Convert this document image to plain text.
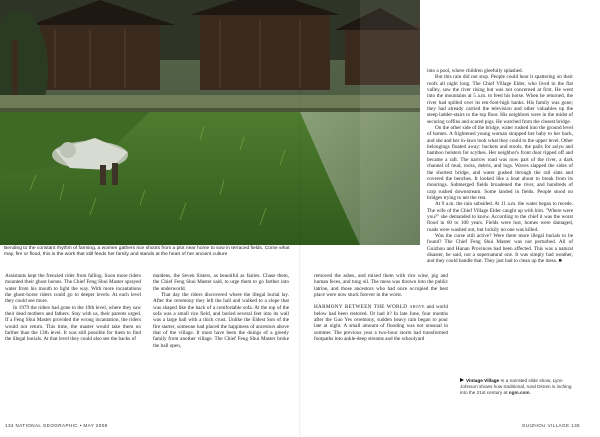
Bending to the constant rhythm of farming, a women gathers rice shoots from a plot near home to sow in terraced fields. Come what may, fire or flood, this is the work that still feeds her family and stands at the heart of her ancient culture

Assistants kept the frenzied rider from falling. Soon more riders mounted their ghost horses. The Chief Feng Shui Master sprayed water from his mouth to light the way. With more incantations the ghost-horse riders could go to deeper levels. At each level they could see more.

In 1979 the riders had gone to the 19th level, where they saw their dead mothers and fathers. Stay with us, their parents urged. If a Feng Shui Master provided the wrong incantation, the riders would not return. This time, the master would take them no farther than the 13th level. It was still possible for them to find the illegal burials. At that level they could also see the backs of

maidens, the Seven Sisters, as beautiful as fairies. Chase them, the Chief Feng Shui Master said, to urge them to go farther into the underworld.

That day the riders discovered where the illegal burial lay. After the ceremony they left the hall and walked to a slope that was shaped like the back of a comfortable sofa. At the top of the sofa was a small rice field, and buried several feet into its wall was a large ball with a thick crust. Unlike the Eldest Son of the fire starter, someone had placed the happiness of ancestors above that of the village. It must have been the doings of a greedy family from another village. The Chief Feng Shui Master broke the ball open,

removed the ashes, and mixed them with rice wine, pig and human feces, and tung oil. The mess was thrown into the public latrine, and those ancestors who had once occupied the best place were now stuck forever in the worst.

HARMONY BETWEEN THE WORLD above and world below had been restored. Or had it? In late June, four months after the Guo Yes ceremony, sudden heavy rain began to pour late at night. A small amount of flooding was not unusual in summer. The previous year a two-hour storm had transformed footpaths into ankle-deep streams and the schoolyard

into a pool, where children gleefully splashed.

But this rain did not stop. People could hear it spattering on their roofs all night long. The Chief Village Elder, who lived in the flat valley, saw the river rising but was not concerned at first. He went into the mountains at 5 a.m. to feed his horse. When he returned, the river had spilled over its ten-foot-high banks. His family was gone; they had already carried the television and other valuables up the steep ladder-stairs to the top floor. His neighbors were in the midst of securing coffins and scared pigs. He watched from the closest bridge.

On the other side of the bridge, water rushed into the ground level of homes. A frightened young woman strapped her baby to her back, and she and her in-laws took what they could to the upper level. Other belongings floated away: buckets and stools, the pails for aziyu and bamboo holsters for scythes. Her neighbor's front door ripped off and became a raft. The narrow road was now part of the river, a dark channel of mud, rocks, debris, and logs. Waves slapped the sides of the shortest bridge, and water gushed through the rail slats and covered the benches. It looked like a boat about to break from its moorings. Submerged fields broadened the river, and hundreds of carp rushed downstream. Some landed in fields. People stood on bridges trying to net the rest.

At 9 a.m. the rain subsided. At 11 a.m. the water began to recede. The wife of the Chief Village Elder caught up with him. "Where were you?" she demanded to know. According to the chief it was the worst flood in 60 to 100 years. Fields were lost, homes were damaged, roads were washed out, but luckily no one was killed.

Was the curse still active? Were there more illegal burials to be found? The Chief Feng Shui Master was not perturbed. All of Guizhou and Hunan Provinces had been affected. This was a natural disaster, he said, not a supernatural one. It was simply bad weather, and they could handle that. They just had to clean up the mess. ■

Vintage Village In a narrated slide show, Lynn Johnson shows how traditional, rural Dimen is inching into the 21st century at ngm.com.
134 NATIONAL GEOGRAPHIC • MAY 2008	GUIZHOU VILLAGE 135
